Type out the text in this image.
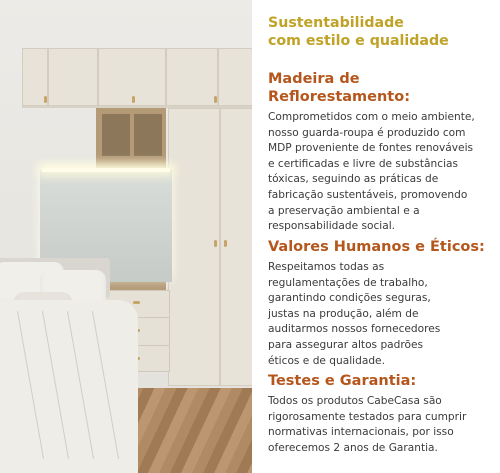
Sustentabilidade

com estilo e qualidade

Madeira de

Reflorestamento:

Comprometidos com o meio ambiente,

nosso guarda-roupa é produzido com

MDP proveniente de fontes renováveis

e certificadas e livre de substâncias

tóxicas, seguindo as práticas de

fabricação sustentáveis, promovendo

a preservação ambiental e a

responsabilidade social.

Valores Humanos e Éticos:

Respeitamos todas as

regulamentações de trabalho,

garantindo condições seguras,

justas na produção, além de

auditarmos nossos fornecedores

para assegurar altos padrões

éticos e de qualidade.

Testes e Garantia:

Todos os produtos CabeCasa são

rigorosamente testados para cumprir

normativas internacionais, por isso

oferecemos 2 anos de Garantia.
